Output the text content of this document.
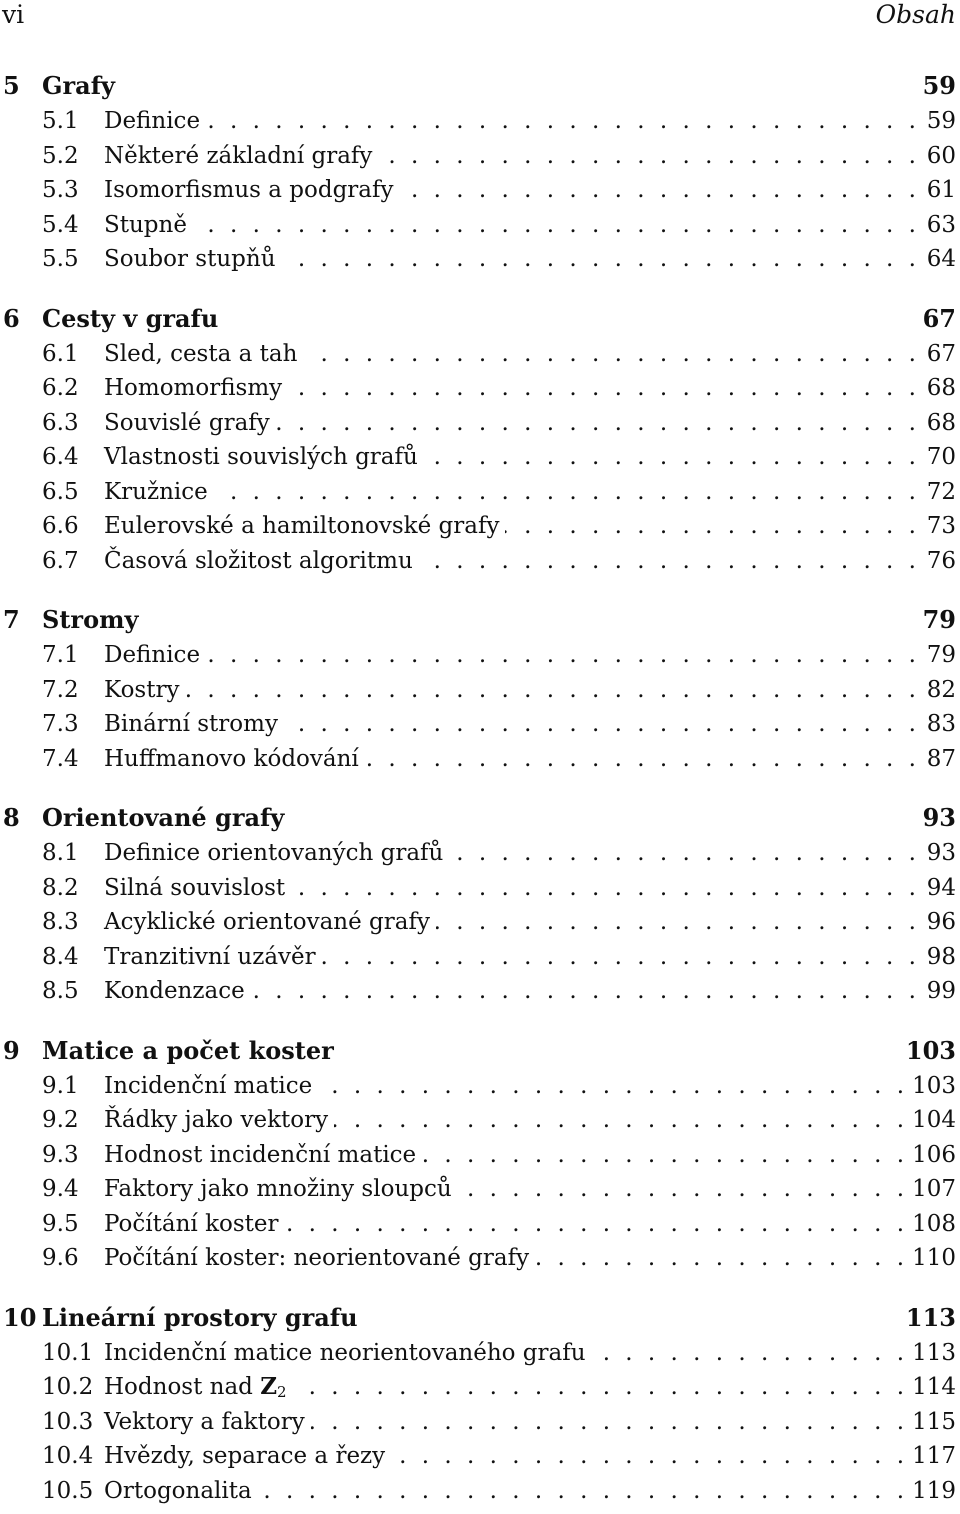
vi	Obsah
5 Grafy	59
5.1	Definice . . .	59
5.2	Některé základní grafy . . .	60
5.3	Isomorfismus a podgrafy . . .	61
5.4	Stupně . . .	63
5.5	Soubor stupňů . . .	64
6 Cesty v grafu	67
6.1	Sled, cesta a tah . . .	67
6.2	Homomorfismy . . .	68
6.3	Souvislé grafy . . .	68
6.4	Vlastnosti souvislých grafů . . .	70
6.5	Kružnice . . .	72
6.6	Eulerovské a hamiltonovské grafy . . .	73
6.7	Časová složitost algoritmu . . .	76
7 Stromy	79
7.1	Definice . . .	79
7.2	Kostry . . .	82
7.3	Binární stromy . . .	83
7.4	Huffmanovo kódování . . .	87
8 Orientované grafy	93
8.1	Definice orientovaných grafů . . .	93
8.2	Silná souvislost . . .	94
8.3	Acyklické orientované grafy . . .	96
8.4	Tranzitivní uzávěr . . .	98
8.5	Kondenzace . . .	99
9 Matice a počet koster	103
9.1	Incidenční matice . . .	103
9.2	Řádky jako vektory . . .	104
9.3	Hodnost incidenční matice . . .	106
9.4	Faktory jako množiny sloupců . . .	107
9.5	Počítání koster . . .	108
9.6	Počítání koster: neorientované grafy . . .	110
10 Lineární prostory grafu	113
10.1 Incidenční matice neorientovaného grafu . . .	113
10.2 Hodnost nad $Z_2$ . . .	114
10.3 Vektory a faktory . . .	115
10.4 Hvězdy, separace a řezy . . .	117
10.5 Ortogonalita . . .	119
